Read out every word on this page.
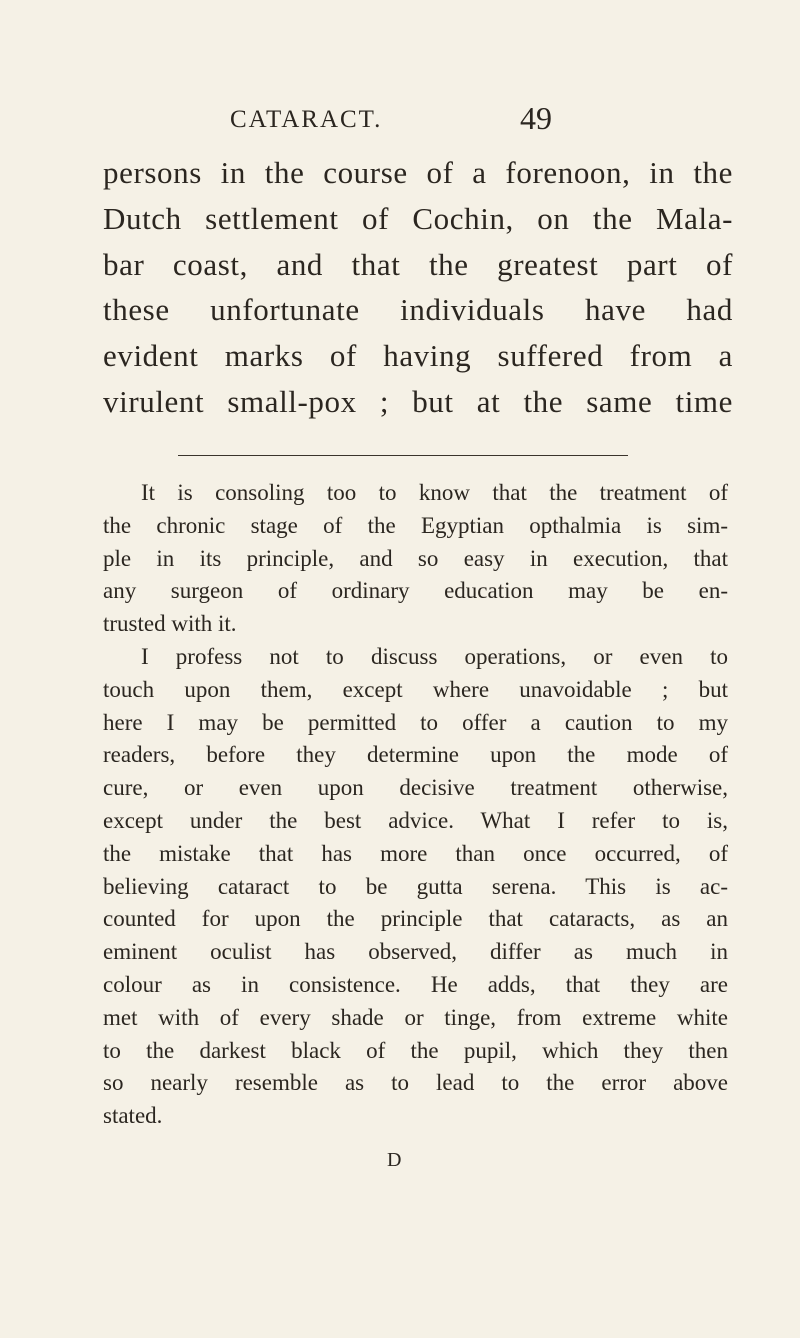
CATARACT.	49
persons in the course of a forenoon, in the
Dutch settlement of Cochin, on the Mala-
bar coast, and that the greatest part of
these unfortunate individuals have had
evident marks of having suffered from a
virulent small-pox ; but at the same time
It is consoling too to know that the treatment of
the chronic stage of the Egyptian opthalmia is sim-
ple in its principle, and so easy in execution, that
any surgeon of ordinary education may be en-
trusted with it.
I profess not to discuss operations, or even to
touch upon them, except where unavoidable ; but
here I may be permitted to offer a caution to my
readers, before they determine upon the mode of
cure, or even upon decisive treatment otherwise,
except under the best advice. What I refer to is,
the mistake that has more than once occurred, of
believing cataract to be gutta serena. This is ac-
counted for upon the principle that cataracts, as an
eminent oculist has observed, differ as much in
colour as in consistence. He adds, that they are
met with of every shade or tinge, from extreme white
to the darkest black of the pupil, which they then
so nearly resemble as to lead to the error above
stated.
D
